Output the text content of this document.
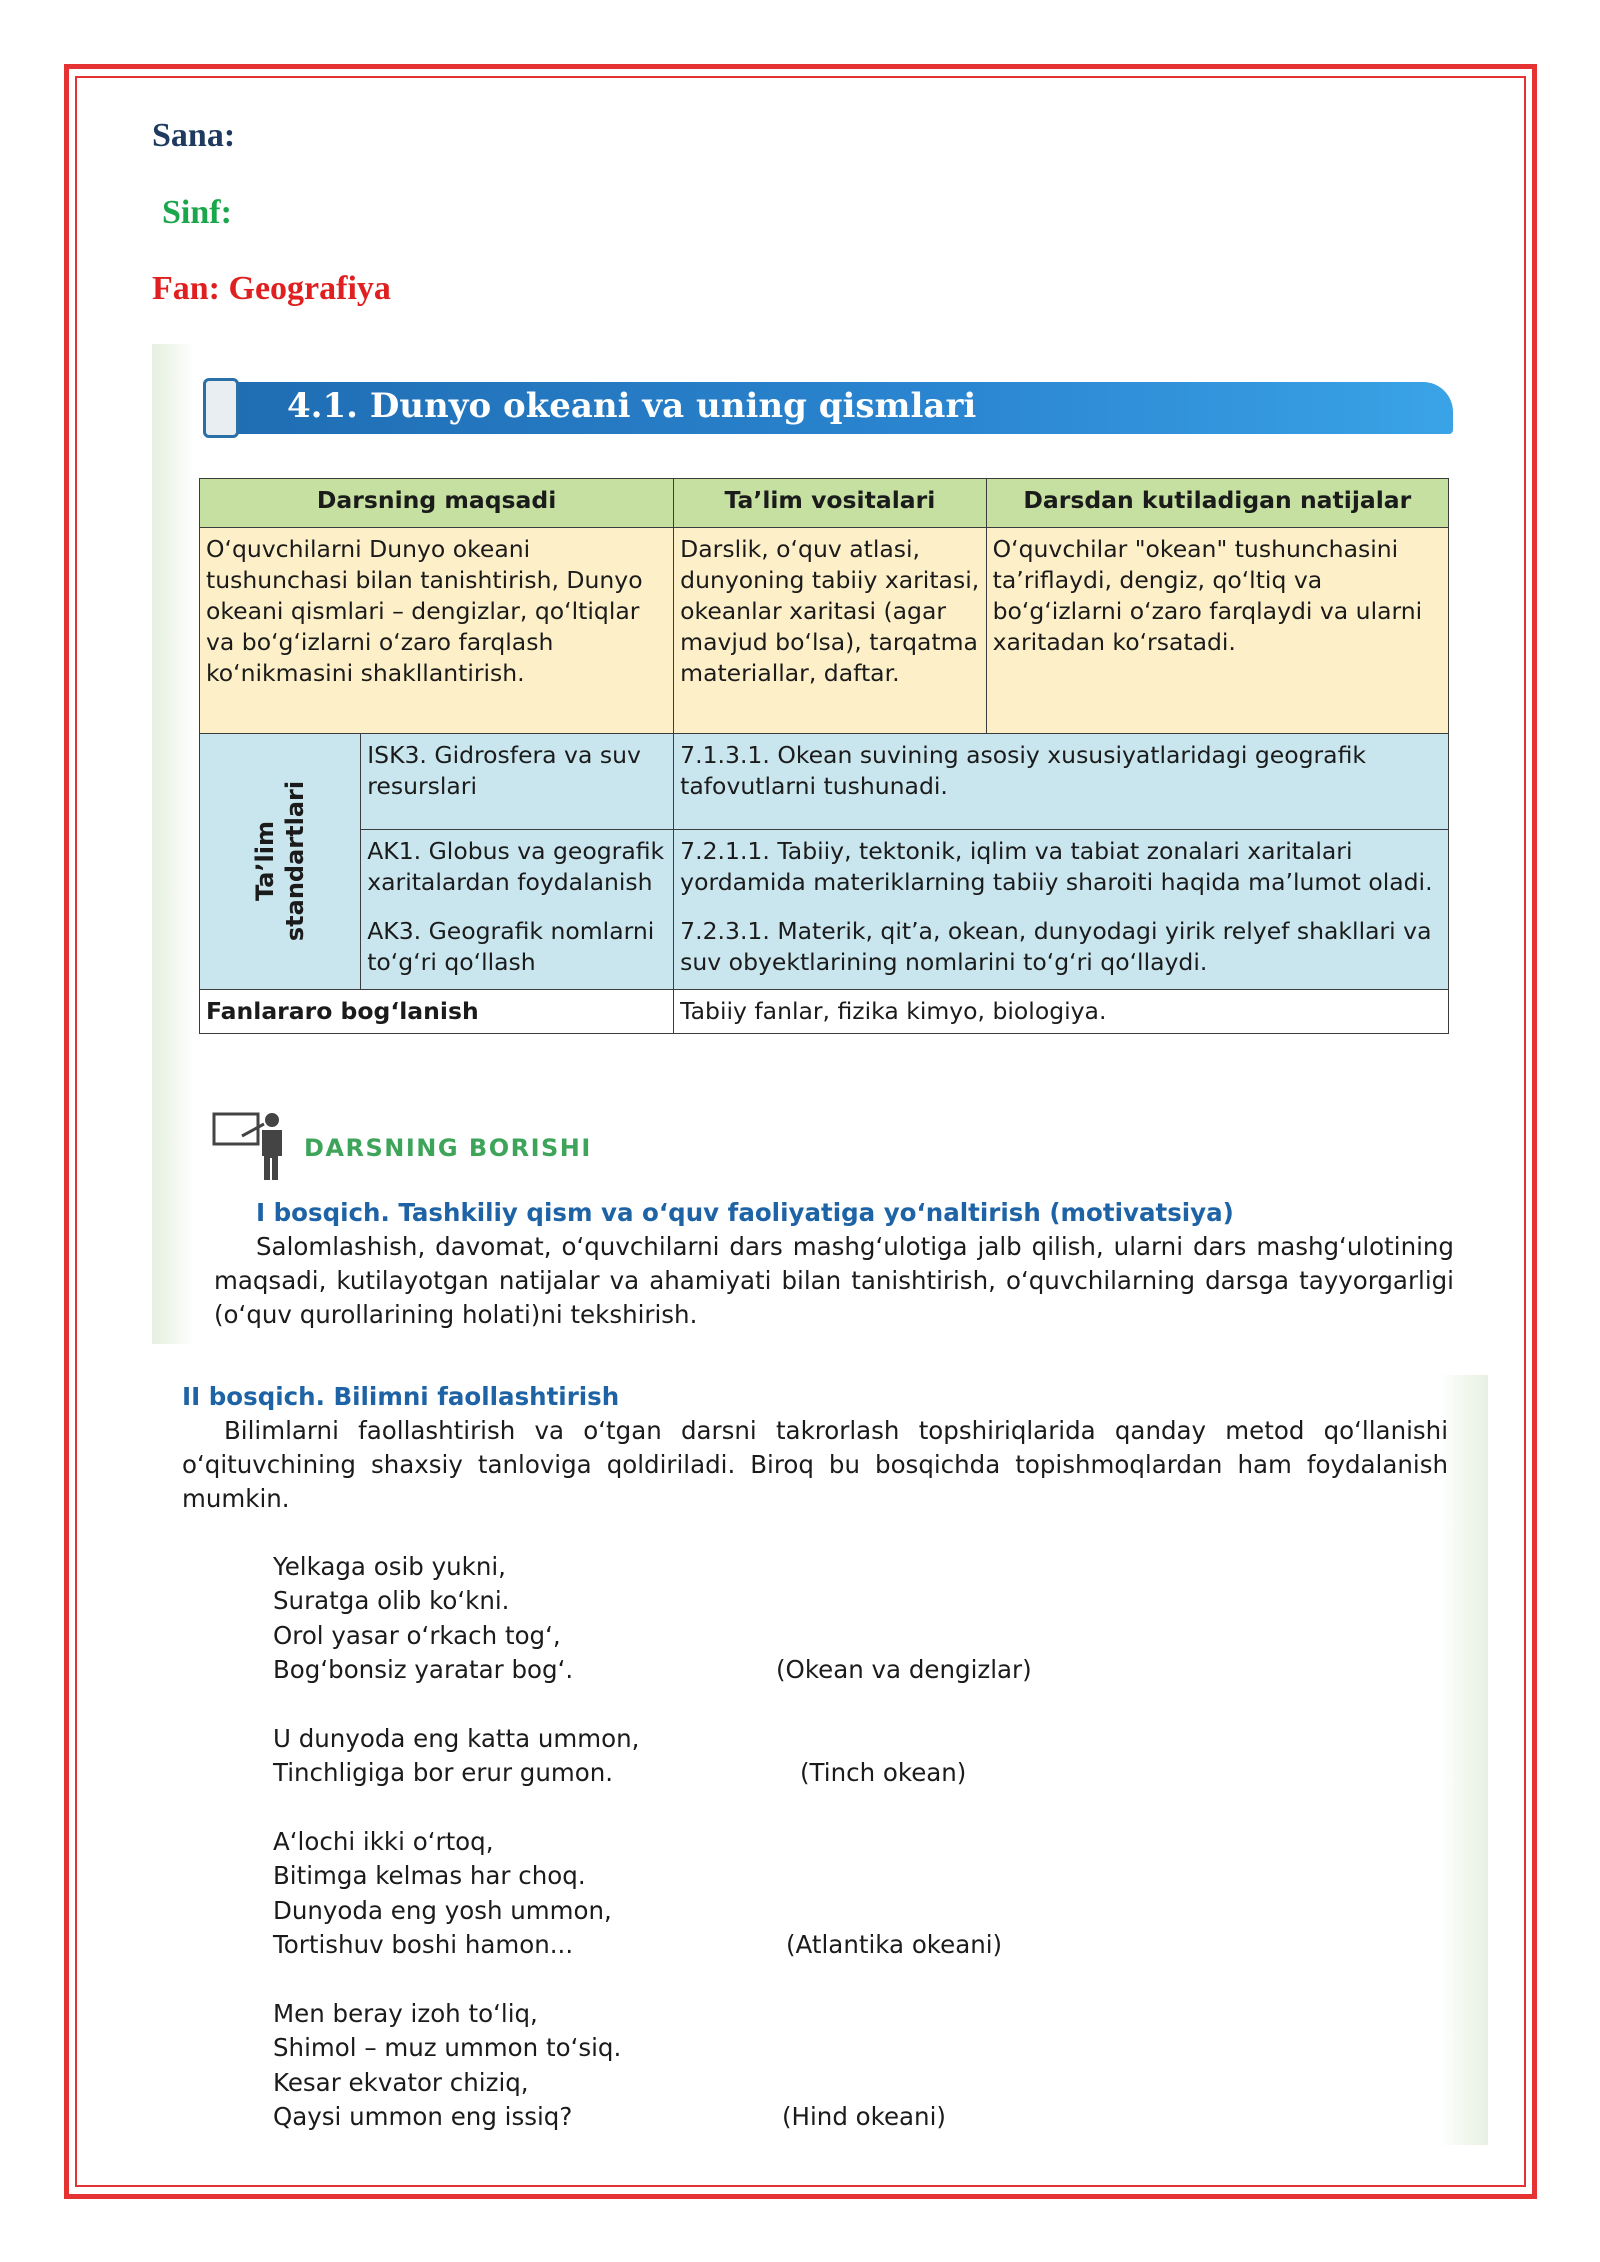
Sana:
Sinf:
Fan: Geografiya
4.1. Dunyo okeani va uning qismlari
Darsning maqsadi		Ta’lim vositalari	Darsdan kutiladigan natijalar
O‘quvchilarni Dunyo okeani tushunchasi bilan tanishtirish, Dunyo okeani qismlari – dengizlar, qo‘ltiqlar va bo‘g‘izlarni o‘zaro farqlash ko‘nikmasini shakllantirish.		Darslik, o‘quv atlasi, dunyoning tabiiy xaritasi, okeanlar xaritasi (agar mavjud bo‘lsa), tarqatma materiallar, daftar.	O‘quvchilar "okean" tushunchasini ta’riflaydi, dengiz, qo‘ltiq va bo‘g‘izlarni o‘zaro farqlaydi va ularni xaritadan ko‘rsatadi.
Ta’lim
standartlari	ISK3. Gidrosfera va suv resurslari	7.1.3.1. Okean suvining asosiy xususiyatlaridagi geografik tafovutlarni tushunadi.	
	AK1. Globus va geografik xaritalardan foydalanish	7.2.1.1. Tabiiy, tektonik, iqlim va tabiat zonalari xaritalari yordamida materiklarning tabiiy sharoiti haqida ma’lumot oladi.	
	AK3. Geografik nomlarni to‘g‘ri qo‘llash	7.2.3.1. Materik, qit’a, okean, dunyodagi yirik relyef shakllari va suv obyektlarining nomlarini to‘g‘ri qo‘llaydi.	
Fanlararo bog‘lanish		Tabiiy fanlar, fizika kimyo, biologiya.	
DARSNING BORISHI
I bosqich. Tashkiliy qism va o‘quv faoliyatiga yo‘naltirish (motivatsiya)
Salomlashish, davomat, o‘quvchilarni dars mashg‘ulotiga jalb qilish, ularni dars mashg‘ulotining maqsadi, kutilayotgan natijalar va ahamiyati bilan tanishtirish, o‘quvchilarning darsga tayyorgarligi (o‘quv qurollarining holati)ni tekshirish.
II bosqich. Bilimni faollashtirish
Bilimlarni faollashtirish va o‘tgan darsni takrorlash topshiriqlarida qanday metod qo‘llanishi o‘qituvchining shaxsiy tanloviga qoldiriladi. Biroq bu bosqichda topishmoqlardan ham foydalanish mumkin.
Yelkaga osib yukni,
Suratga olib ko‘kni.
Orol yasar o‘rkach tog‘,
Bog‘bonsiz yaratar bog‘.	(Okean va dengizlar)
U dunyoda eng katta ummon,
Tinchligiga bor erur gumon.	(Tinch okean)
A‘lochi ikki o‘rtoq,
Bitimga kelmas har choq.
Dunyoda eng yosh ummon,
Tortishuv boshi hamon...	(Atlantika okeani)
Men beray izoh to‘liq,
Shimol – muz ummon to‘siq.
Kesar ekvator chiziq,
Qaysi ummon eng issiq?	(Hind okeani)
